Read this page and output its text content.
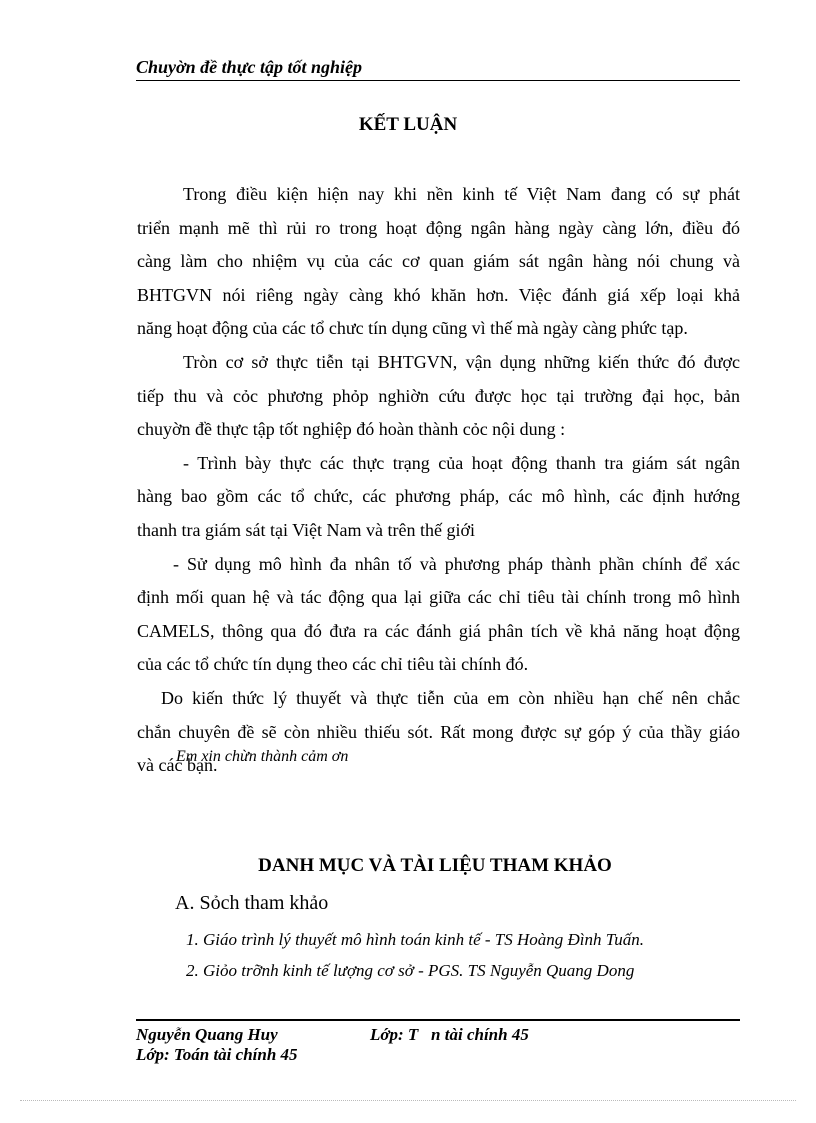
Chuyờn đề thực tập tốt nghiệp
KẾT LUẬN
Trong điều kiện hiện nay khi nền kinh tế Việt Nam đang có sự phát
triển mạnh mẽ thì rủi ro trong hoạt động ngân hàng ngày càng lớn, điều đó
càng làm cho nhiệm vụ của các cơ quan giám sát ngân hàng nói chung và
BHTGVN nói riêng ngày càng khó khăn hơn. Việc đánh giá xếp loại khả
năng hoạt động của các tổ chưc tín dụng cũng vì thế mà ngày càng phức tạp.
Tròn cơ sở thực tiễn tại BHTGVN, vận dụng những kiến thức đó được
tiếp thu và cỏc phương phỏp nghiờn cứu được học tại trường đại học, bản
chuyờn đề thực tập tốt nghiệp đó hoàn thành cỏc nội dung :
- Trình bày thực các thực trạng của hoạt động thanh tra giám sát ngân
hàng bao gồm các tổ chức, các phương pháp, các mô hình, các định hướng
thanh tra giám sát tại Việt Nam và trên thế giới
- Sử dụng mô hình đa nhân tố và phương pháp thành phần chính để xác
định mối quan hệ và tác động qua lại giữa các chỉ tiêu tài chính trong mô hình
CAMELS, thông qua đó đưa ra các đánh giá phân tích về khả năng hoạt động
của các tổ chức tín dụng theo các chỉ tiêu tài chính đó.
Do kiến thức lý thuyết và thực tiễn của em còn nhiều hạn chế nên chắc
chắn chuyên đề sẽ còn nhiều thiếu sót. Rất mong được sự góp ý của thầy giáo
và các bạn.
Em xin chừn thành cảm ơn
DANH MỤC VÀ TÀI LIỆU THAM KHẢO
A. Sỏch tham khảo
1. Giáo trình lý thuyết mô hình toán kinh tế - TS Hoàng Đình Tuấn.
2. Giỏo trỡnh kinh tế lượng cơ sở - PGS. TS Nguyễn Quang Dong
Nguyễn Quang Huy	Lớp: T   n tài chính 45
Lớp: Toán tài chính 45
